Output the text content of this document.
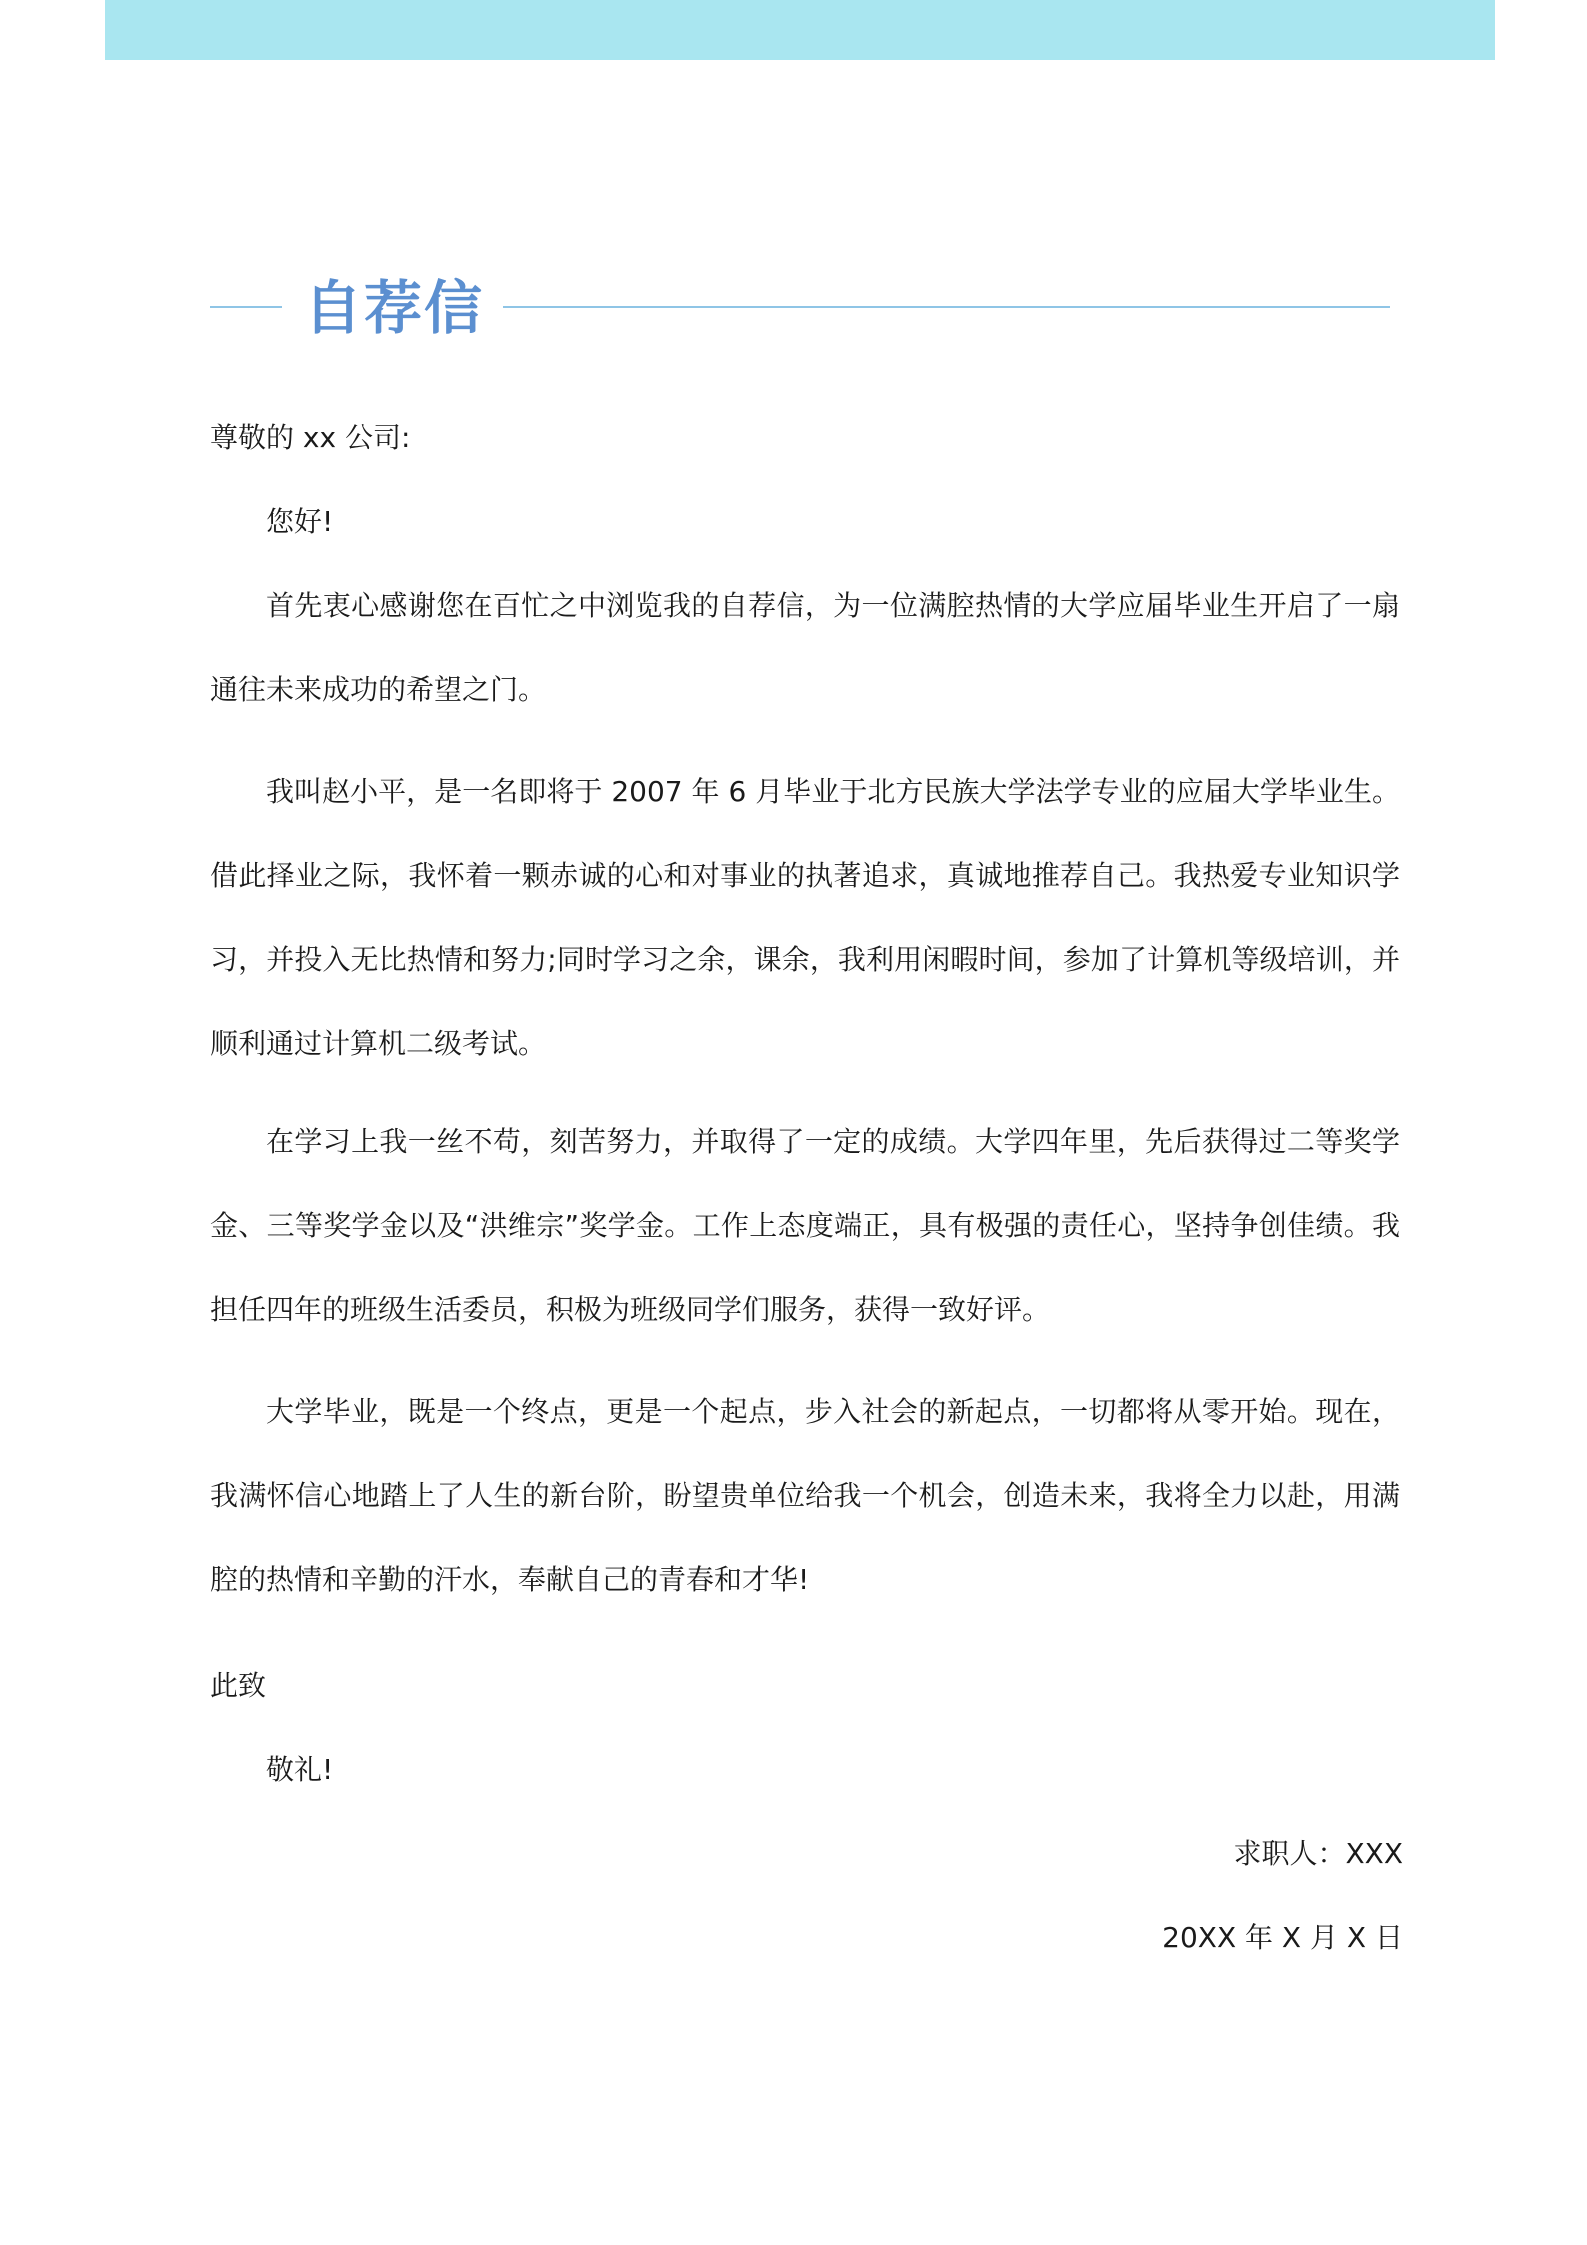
自荐信

尊敬的 xx 公司:

您好!

首先衷心感谢您在百忙之中浏览我的自荐信，为一位满腔热情的大学应届毕业生开启了一扇通往未来成功的希望之门。

我叫赵小平，是一名即将于 2007 年 6 月毕业于北方民族大学法学专业的应届大学毕业生。借此择业之际，我怀着一颗赤诚的心和对事业的执著追求，真诚地推荐自己。我热爱专业知识学习，并投入无比热情和努力;同时学习之余，课余，我利用闲暇时间，参加了计算机等级培训，并顺利通过计算机二级考试。

在学习上我一丝不苟，刻苦努力，并取得了一定的成绩。大学四年里，先后获得过二等奖学金、三等奖学金以及“洪维宗”奖学金。工作上态度端正，具有极强的责任心，坚持争创佳绩。我担任四年的班级生活委员，积极为班级同学们服务，获得一致好评。

大学毕业，既是一个终点，更是一个起点，步入社会的新起点，一切都将从零开始。现在，我满怀信心地踏上了人生的新台阶，盼望贵单位给我一个机会，创造未来，我将全力以赴，用满腔的热情和辛勤的汗水，奉献自己的青春和才华!

此致

敬礼!

求职人：XXX

20XX 年 X 月 X 日
